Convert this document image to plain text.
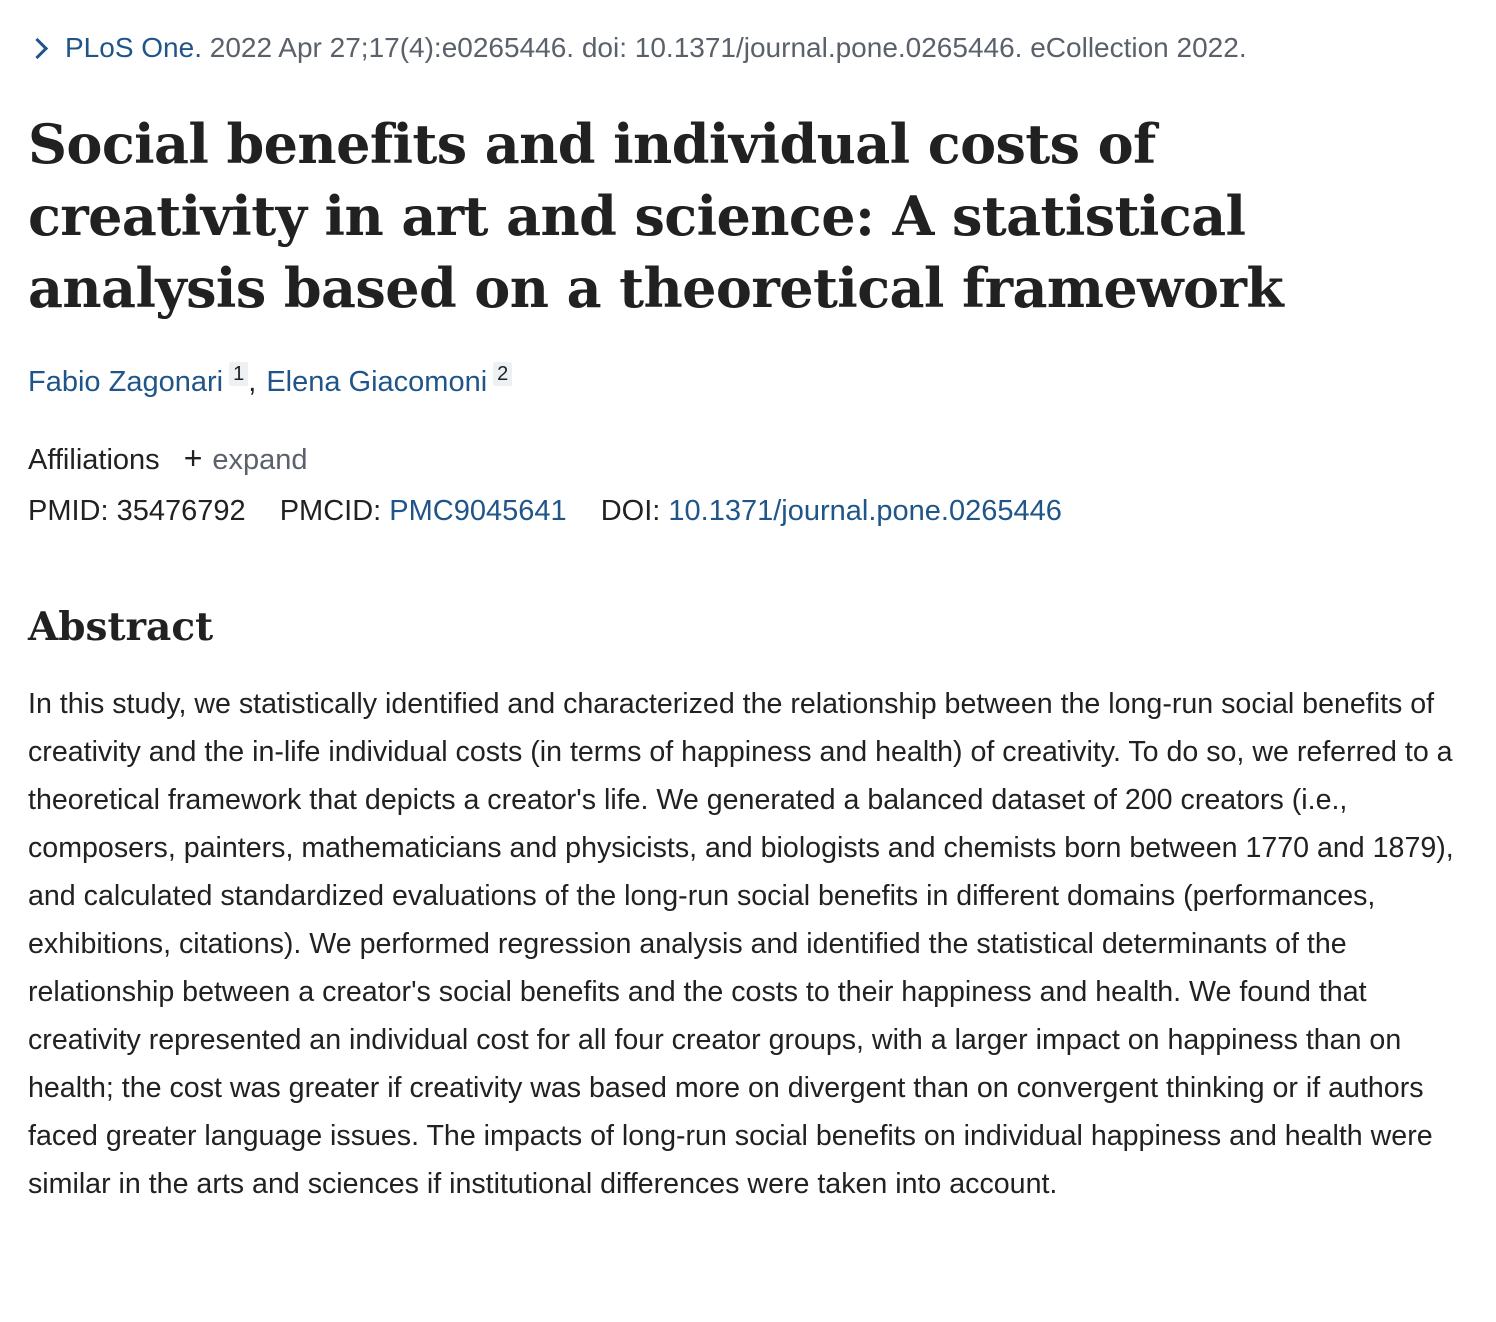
PLoS One. 2022 Apr 27;17(4):e0265446. doi: 10.1371/journal.pone.0265446. eCollection 2022.
Social benefits and individual costs of creativity in art and science: A statistical analysis based on a theoretical framework
Fabio Zagonari $^1$ , Elena Giacomoni $^2$
Affiliations + expand
PMID: 35476792 PMCID: PMC9045641 DOI: 10.1371/journal.pone.0265446
Abstract

In this study, we statistically identified and characterized the relationship between the long-run social benefits of creativity and the in-life individual costs (in terms of happiness and health) of creativity. To do so, we referred to a theoretical framework that depicts a creator's life. We generated a balanced dataset of 200 creators (i.e., composers, painters, mathematicians and physicists, and biologists and chemists born between 1770 and 1879), and calculated standardized evaluations of the long-run social benefits in different domains (performances, exhibitions, citations). We performed regression analysis and identified the statistical determinants of the relationship between a creator's social benefits and the costs to their happiness and health. We found that creativity represented an individual cost for all four creator groups, with a larger impact on happiness than on health; the cost was greater if creativity was based more on divergent than on convergent thinking or if authors faced greater language issues. The impacts of long-run social benefits on individual happiness and health were similar in the arts and sciences if institutional differences were taken into account.
